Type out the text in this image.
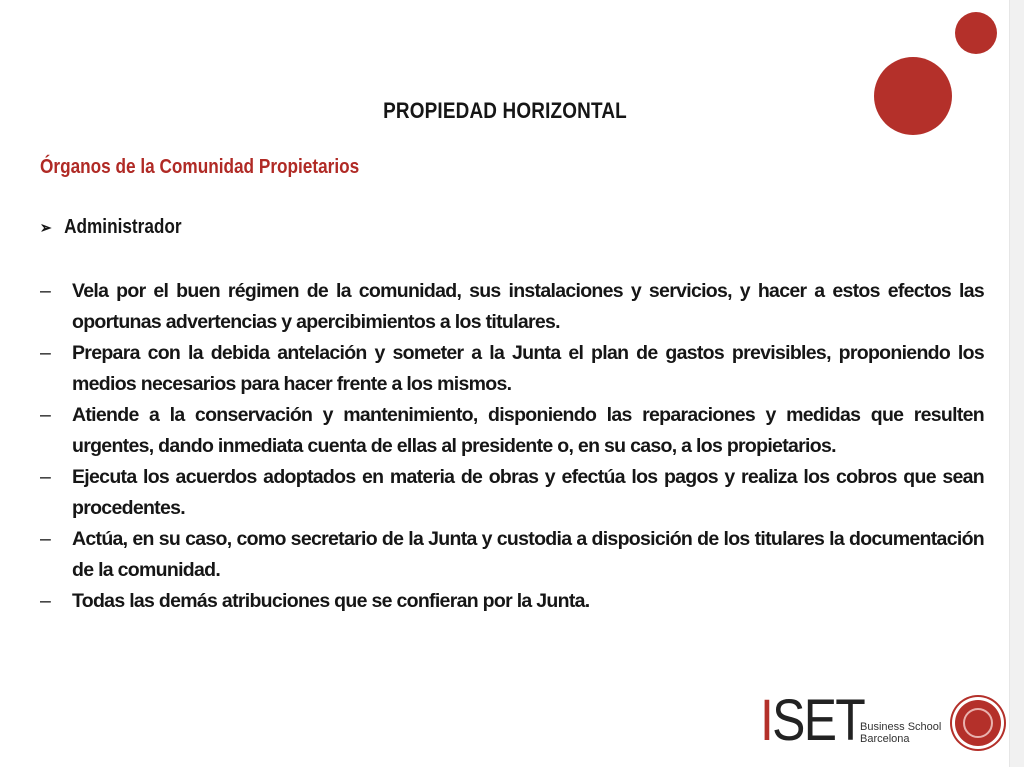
PROPIEDAD HORIZONTAL
Órganos de la Comunidad Propietarios
➢ Administrador
–	Vela por el buen régimen de la comunidad, sus instalaciones y servicios, y hacer a estos efectos las oportunas advertencias y apercibimientos a los titulares.
–	Prepara con la debida antelación y someter a la Junta el plan de gastos previsibles, proponiendo los medios necesarios para hacer frente a los mismos.
–	Atiende a la conservación y mantenimiento, disponiendo las reparaciones y medidas que resulten urgentes, dando inmediata cuenta de ellas al presidente o, en su caso, a los propietarios.
–	Ejecuta los acuerdos adoptados en materia de obras y efectúa los pagos y realiza los cobros que sean procedentes.
–	Actúa, en su caso, como secretario de la Junta y custodia a disposición de los titulares la documentación de la comunidad.
–	Todas las demás atribuciones que se confieran por la Junta.
ISET
Business School
Barcelona
